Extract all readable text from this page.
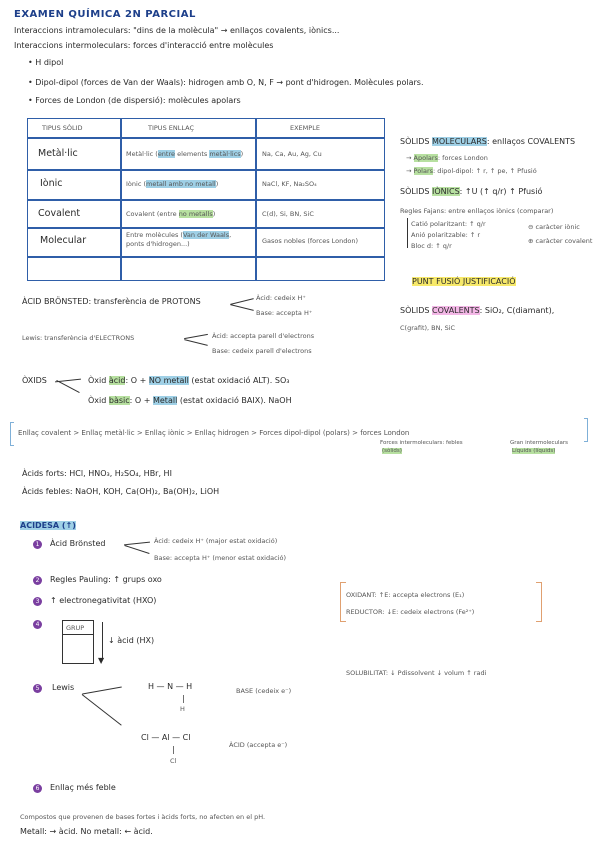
EXAMEN QUÍMICA 2N PARCIAL
Interaccions intramoleculars: "dins de la molècula" → enllaços covalents, iònics...
Interaccions intermoleculars: forces d'interacció entre molècules
• H dipol
• Dipol-dipol (forces de Van der Waals): hidrogen amb O, N, F → pont d'hidrogen. Molècules polars.
• Forces de London (de dispersió): molècules apolars
TIPUS SÒLID	TIPUS ENLLAÇ	EXEMPLE
Metàl·lic	Metàl·lic (entre elements metàl·lics)	Na, Ca, Au, Ag, Cu
Iònic	Iònic (metall amb no metall)	NaCl, KF, Na₂SO₄
Covalent	Covalent (entre no metalls)	C(d), Si, BN, SiC
Molecular	Entre molècules (Van der Waals, ponts d'hidrogen...)	Gasos nobles (forces London)
SÒLIDS MOLECULARS: enllaços COVALENTS
→ Apolars: forces London
→ Polars: dipol-dipol: ↑ r, ↑ pe, ↑ Pfusió
SÒLIDS IÒNICS: ↑U (↑ q/r) ↑ Pfusió
Regles Fajans: entre enllaços iònics (comparar)
Catió polaritzant: ↑ q/r
Anió polaritzable: ↑ r
Bloc d: ↑ q/r
⊖ caràcter iònic
⊕ caràcter covalent
PUNT FUSIÓ JUSTIFICACIÓ
SÒLIDS COVALENTS: SiO₂, C(diamant),
C(grafit), BN, SiC
ÀCID BRÖNSTED: transferència de PROTONS	Àcid: cedeix H⁺
Base: accepta H⁺
Lewis: transferència d'ELECTRONS	Àcid: accepta parell d'electrons
Base: cedeix parell d'electrons
ÒXIDS	Òxid àcid: O + NO metall (estat oxidació ALT). SO₃
Òxid bàsic: O + Metall (estat oxidació BAIX). NaOH
Enllaç covalent > Enllaç metàl·lic > Enllaç iònic > Enllaç hidrogen > Forces dipol-dipol (polars) > forces London
Forces intermoleculars: febles
(sòlids)
Gran intermoleculars
Líquids (líquids)
Àcids forts: HCl, HNO₃, H₂SO₄, HBr, HI
Àcids febles: NaOH, KOH, Ca(OH)₂, Ba(OH)₂, LiOH
ACIDESA (↑)
1	Àcid Brönsted	Àcid: cedeix H⁺ (major estat oxidació)
Base: accepta H⁺ (menor estat oxidació)
2	Regles Pauling: ↑ grups oxo
3	↑ electronegativitat (HXO)
4	GRUP
▼
↓ àcid (HX)
5	Lewis	H — N — H
|
H
BASE (cedeix e⁻)
Cl — Al — Cl
|
Cl
ÀCID (accepta e⁻)
6	Enllaç més feble
OXIDANT: ↑E: accepta electrons (E₁)
REDUCTOR: ↓E: cedeix electrons (Fe²⁺)
SOLUBILITAT: ↓ Pdissolvent ↓ volum ↑ radi
Compostos que provenen de bases fortes i àcids forts, no afecten en el pH.
Metall: → àcid. No metall: ← àcid.
